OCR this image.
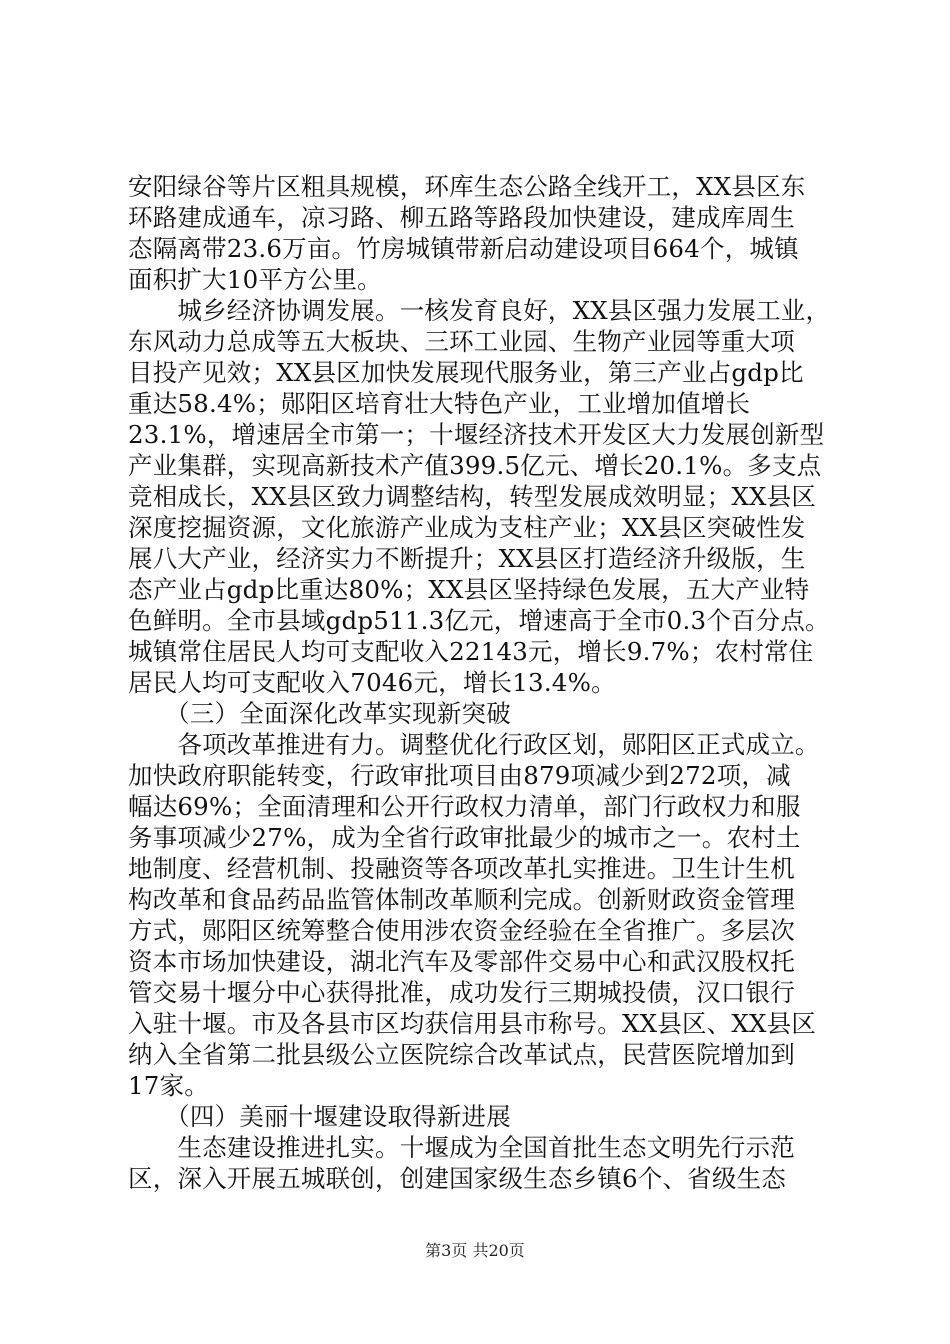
安阳绿谷等片区粗具规模，环库生态公路全线开工，XX县区东
环路建成通车，凉习路、柳五路等路段加快建设，建成库周生
态隔离带23.6万亩。竹房城镇带新启动建设项目664个，城镇
面积扩大10平方公里。
　　城乡经济协调发展。一核发育良好，XX县区强力发展工业，
东风动力总成等五大板块、三环工业园、生物产业园等重大项
目投产见效；XX县区加快发展现代服务业，第三产业占gdp比
重达58.4%；郧阳区培育壮大特色产业，工业增加值增长
23.1%，增速居全市第一；十堰经济技术开发区大力发展创新型
产业集群，实现高新技术产值399.5亿元、增长20.1%。多支点
竞相成长，XX县区致力调整结构，转型发展成效明显；XX县区
深度挖掘资源，文化旅游产业成为支柱产业；XX县区突破性发
展八大产业，经济实力不断提升；XX县区打造经济升级版，生
态产业占gdp比重达80%；XX县区坚持绿色发展，五大产业特
色鲜明。全市县域gdp511.3亿元，增速高于全市0.3个百分点。
城镇常住居民人均可支配收入22143元，增长9.7%；农村常住
居民人均可支配收入7046元，增长13.4%。
　　（三）全面深化改革实现新突破
　　各项改革推进有力。调整优化行政区划，郧阳区正式成立。
加快政府职能转变，行政审批项目由879项减少到272项，减
幅达69%；全面清理和公开行政权力清单，部门行政权力和服
务事项减少27%，成为全省行政审批最少的城市之一。农村土
地制度、经营机制、投融资等各项改革扎实推进。卫生计生机
构改革和食品药品监管体制改革顺利完成。创新财政资金管理
方式，郧阳区统筹整合使用涉农资金经验在全省推广。多层次
资本市场加快建设，湖北汽车及零部件交易中心和武汉股权托
管交易十堰分中心获得批准，成功发行三期城投债，汉口银行
入驻十堰。市及各县市区均获信用县市称号。XX县区、XX县区
纳入全省第二批县级公立医院综合改革试点，民营医院增加到
17家。
　　（四）美丽十堰建设取得新进展
　　生态建设推进扎实。十堰成为全国首批生态文明先行示范
区，深入开展五城联创，创建国家级生态乡镇6个、省级生态
第3页 共20页
